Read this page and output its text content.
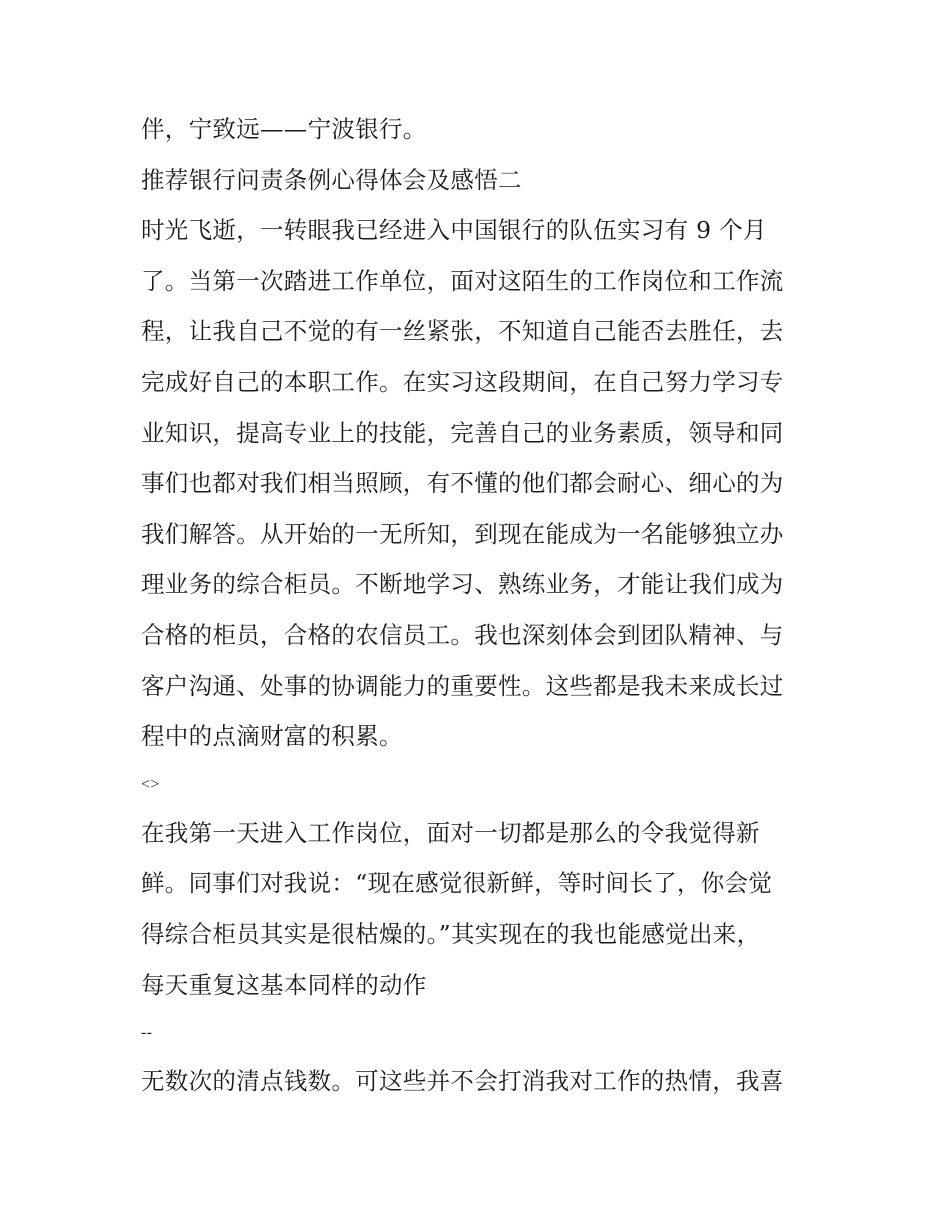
伴，宁致远——宁波银行。
推荐银行问责条例心得体会及感悟二
时光飞逝，一转眼我已经进入中国银行的队伍实习有 9 个月
了。当第一次踏进工作单位，面对这陌生的工作岗位和工作流
程，让我自己不觉的有一丝紧张，不知道自己能否去胜任，去
完成好自己的本职工作。在实习这段期间，在自己努力学习专
业知识，提高专业上的技能，完善自己的业务素质，领导和同
事们也都对我们相当照顾，有不懂的他们都会耐心、细心的为
我们解答。从开始的一无所知，到现在能成为一名能够独立办
理业务的综合柜员。不断地学习、熟练业务，才能让我们成为
合格的柜员，合格的农信员工。我也深刻体会到团队精神、与
客户沟通、处事的协调能力的重要性。这些都是我未来成长过
程中的点滴财富的积累。
<>
在我第一天进入工作岗位，面对一切都是那么的令我觉得新
鲜。同事们对我说：“现在感觉很新鲜，等时间长了，你会觉
得综合柜员其实是很枯燥的。”其实现在的我也能感觉出来，
每天重复这基本同样的动作
--
无数次的清点钱数。可这些并不会打消我对工作的热情，我喜
